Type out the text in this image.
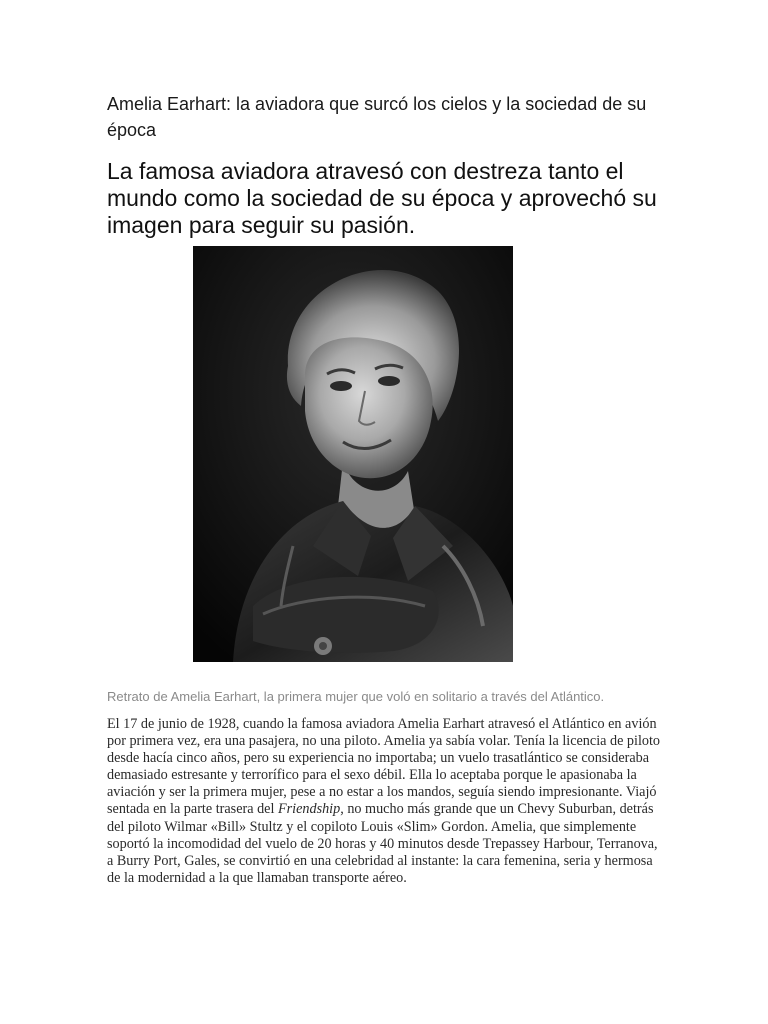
Amelia Earhart: la aviadora que surcó los cielos y la sociedad de su época

La famosa aviadora atravesó con destreza tanto el mundo como la sociedad de su época y aprovechó su imagen para seguir su pasión.

Retrato de Amelia Earhart, la primera mujer que voló en solitario a través del Atlántico.

El 17 de junio de 1928, cuando la famosa aviadora Amelia Earhart atravesó el Atlántico en avión por primera vez, era una pasajera, no una piloto. Amelia ya sabía volar. Tenía la licencia de piloto desde hacía cinco años, pero su experiencia no importaba; un vuelo trasatlántico se consideraba demasiado estresante y terrorífico para el sexo débil. Ella lo aceptaba porque le apasionaba la aviación y ser la primera mujer, pese a no estar a los mandos, seguía siendo impresionante. Viajó sentada en la parte trasera del Friendship, no mucho más grande que un Chevy Suburban, detrás del piloto Wilmar «Bill» Stultz y el copiloto Louis «Slim» Gordon. Amelia, que simplemente soportó la incomodidad del vuelo de 20 horas y 40 minutos desde Trepassey Harbour, Terranova, a Burry Port, Gales, se convirtió en una celebridad al instante: la cara femenina, seria y hermosa de la modernidad a la que llamaban transporte aéreo.
